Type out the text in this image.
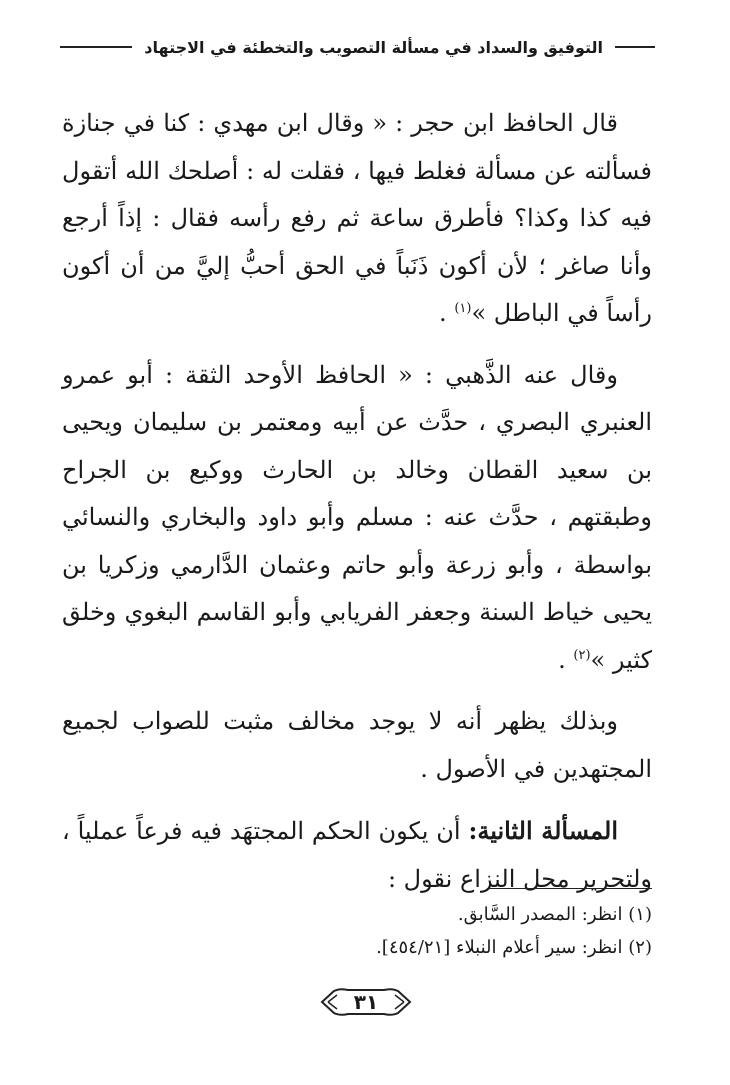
التوفيق والسداد في مسألة التصويب والتخطئة في الاجتهاد

قال الحافظ ابن حجر : « وقال ابن مهدي : كنا في جنازة فسألته عن مسألة فغلط فيها ، فقلت له : أصلحك الله أتقول فيه كذا وكذا؟ فأطرق ساعة ثم رفع رأسه فقال : إذاً أرجع وأنا صاغر ؛ لأن أكون ذَنَباً في الحق أحبُّ إليَّ من أن أكون رأساً في الباطل »$^{(١)}$ .

وقال عنه الذَّهبي : « الحافظ الأوحد الثقة : أبو عمرو العنبري البصري ، حدَّث عن أبيه ومعتمر بن سليمان ويحيى بن سعيد القطان وخالد بن الحارث ووكيع بن الجراح وطبقتهم ، حدَّث عنه : مسلم وأبو داود والبخاري والنسائي بواسطة ، وأبو زرعة وأبو حاتم وعثمان الدَّارمي وزكريا بن يحيى خياط السنة وجعفر الفريابي وأبو القاسم البغوي وخلق كثير »$^{(٢)}$ .

وبذلك يظهر أنه لا يوجد مخالف مثبت للصواب لجميع المجتهدين في الأصول .

المسألة الثانية: أن يكون الحكم المجتهَد فيه فرعاً عملياً ، ولتحرير محل النزاع نقول :

(١) انظر: المصدر السَّابق.
(٢) انظر: سير أعلام النبلاء [٤٥٤/٢١].
٣١
